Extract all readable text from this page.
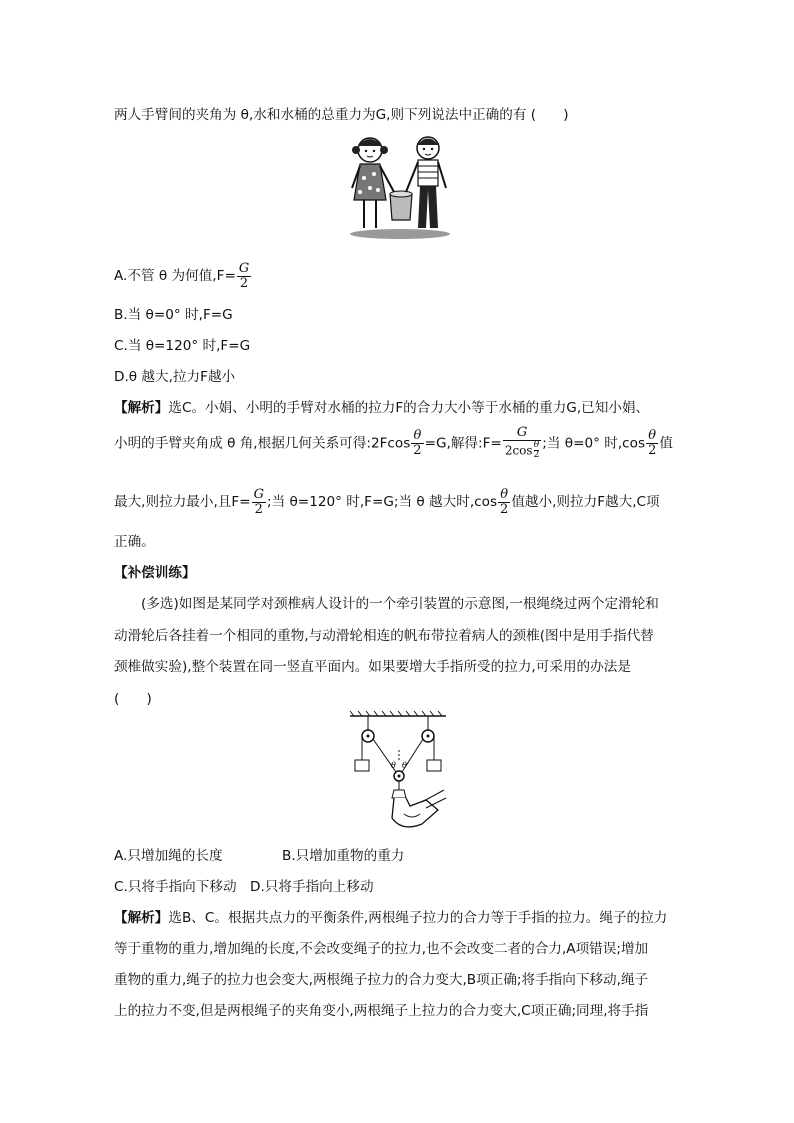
两人手臂间的夹角为 θ,水和水桶的总重力为G,则下列说法中正确的有 (　　)
A.不管 θ 为何值$,F= \frac{G}{2}$
B.当 θ=0° 时,F=G
C.当 θ=120° 时,F=G
D.θ 越大,拉力F越小
【解析】选C。小娟、小明的手臂对水桶的拉力F的合力大小等于水桶的重力G,已知小娟、
小明的手臂夹角成 θ 角,根据几何关系可得:2Fcos $\frac{\theta}{2} =G$,解得:F= $\frac{G}{2\cos \frac{\theta}{2}}$ ;当 θ=0° 时$,\cos \frac{\theta}{2}$ 值
最大,则拉力最小,且$F= \frac{G}{2}$ ;当 θ=120° 时,F=G;当 θ 越大时$,\cos \frac{\theta}{2}$ 值越小,则拉力F越大,C项
正确。
【补偿训练】
(多选)如图是某同学对颈椎病人设计的一个牵引装置的示意图,一根绳绕过两个定滑轮和
动滑轮后各挂着一个相同的重物,与动滑轮相连的帆布带拉着病人的颈椎(图中是用手指代替
颈椎做实验),整个装置在同一竖直平面内。如果要增大手指所受的拉力,可采用的办法是
(　　)
θ θ
A.只增加绳的长度	B.只增加重物的重力
C.只将手指向下移动 D.只将手指向上移动
【解析】选B、C。根据共点力的平衡条件,两根绳子拉力的合力等于手指的拉力。绳子的拉力
等于重物的重力,增加绳的长度,不会改变绳子的拉力,也不会改变二者的合力,A项错误;增加
重物的重力,绳子的拉力也会变大,两根绳子拉力的合力变大,B项正确;将手指向下移动,绳子
上的拉力不变,但是两根绳子的夹角变小,两根绳子上拉力的合力变大,C项正确;同理,将手指
